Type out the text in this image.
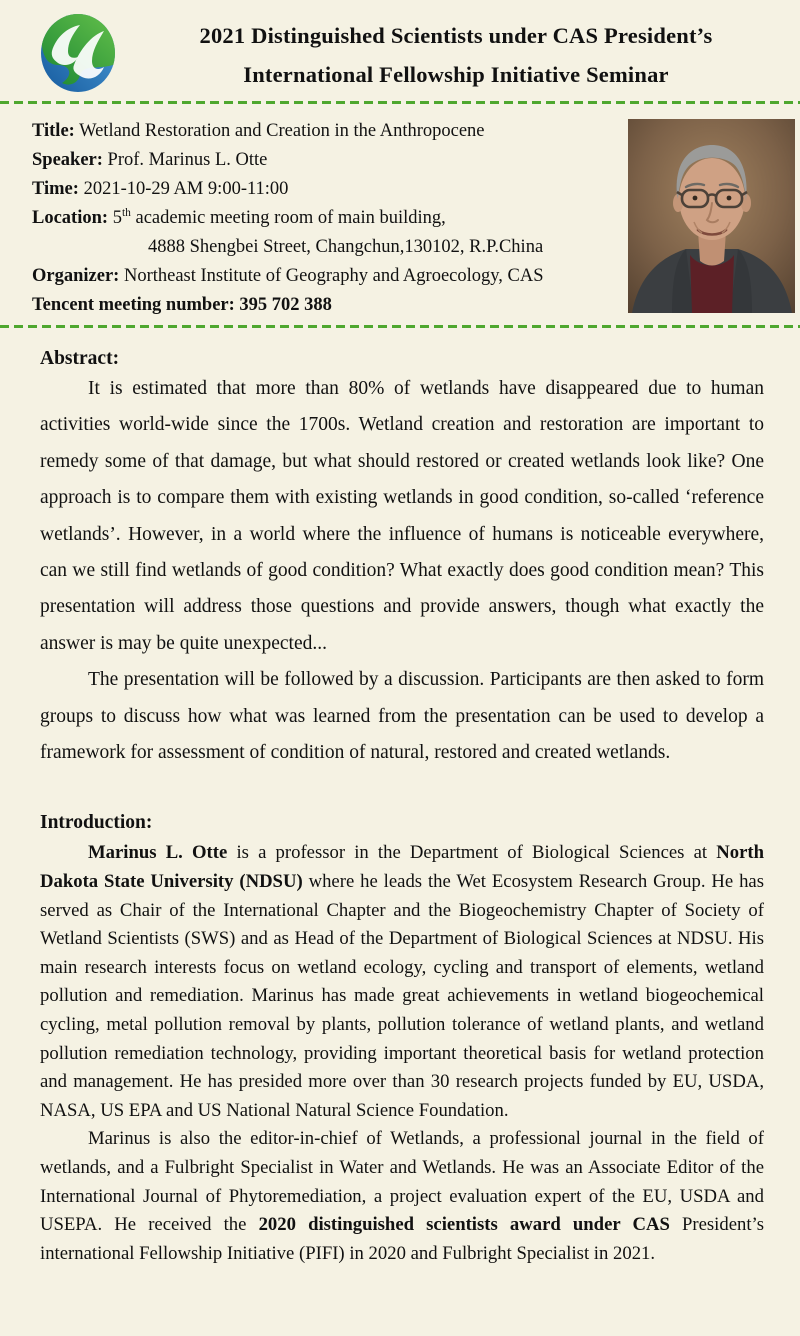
2021 Distinguished Scientists under CAS President’s
International Fellowship Initiative Seminar
Title: Wetland Restoration and Creation in the Anthropocene
Speaker: Prof. Marinus L. Otte
Time: 2021-10-29 AM 9:00-11:00
Location: 5th academic meeting room of main building,
4888 Shengbei Street, Changchun,130102, R.P.China
Organizer: Northeast Institute of Geography and Agroecology, CAS
Tencent meeting number: 395 702 388
Abstract:

It is estimated that more than 80% of wetlands have disappeared due to human activities world-wide since the 1700s. Wetland creation and restoration are important to remedy some of that damage, but what should restored or created wetlands look like? One approach is to compare them with existing wetlands in good condition, so-called ‘reference wetlands’. However, in a world where the influence of humans is noticeable everywhere, can we still find wetlands of good condition? What exactly does good condition mean? This presentation will address those questions and provide answers, though what exactly the answer is may be quite unexpected...

The presentation will be followed by a discussion. Participants are then asked to form groups to discuss how what was learned from the presentation can be used to develop a framework for assessment of condition of natural, restored and created wetlands.

Introduction:

Marinus L. Otte is a professor in the Department of Biological Sciences at North Dakota State University (NDSU) where he leads the Wet Ecosystem Research Group. He has served as Chair of the International Chapter and the Biogeochemistry Chapter of Society of Wetland Scientists (SWS) and as Head of the Department of Biological Sciences at NDSU. His main research interests focus on wetland ecology, cycling and transport of elements, wetland pollution and remediation. Marinus has made great achievements in wetland biogeochemical cycling, metal pollution removal by plants, pollution tolerance of wetland plants, and wetland pollution remediation technology, providing important theoretical basis for wetland protection and management. He has presided more over than 30 research projects funded by EU, USDA, NASA, US EPA and US National Natural Science Foundation.

Marinus is also the editor-in-chief of Wetlands, a professional journal in the field of wetlands, and a Fulbright Specialist in Water and Wetlands. He was an Associate Editor of the International Journal of Phytoremediation, a project evaluation expert of the EU, USDA and USEPA. He received the 2020 distinguished scientists award under CAS President’s international Fellowship Initiative (PIFI) in 2020 and Fulbright Specialist in 2021.
